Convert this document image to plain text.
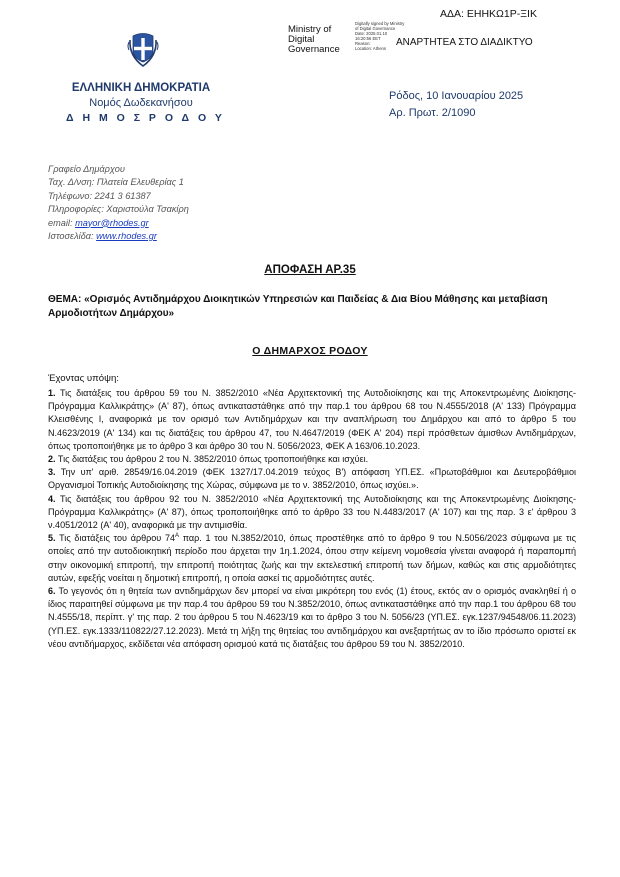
ΑΔΑ: ΕΗΗΚΩ1Ρ-ΞΙΚ
Ministry of
Digital
Governance
Digitally signed by Ministry
of Digital Governance
Date: 2025.01.10
16:20:56 EET
Reason:
Location: Athens
ΑΝΑΡΤΗΤΕΑ ΣΤΟ ΔΙΑΔΙΚΤΥΟ
ΕΛΛΗΝΙΚΗ ΔΗΜΟΚΡΑΤΙΑ
Νομός Δωδεκανήσου
Δ Η Μ Ο Σ Ρ Ο Δ Ο Υ
Ρόδος, 10 Ιανουαρίου 2025
Αρ. Πρωτ. 2/1090
Γραφείο Δημάρχου
Ταχ. Δ/νση: Πλατεία Ελευθερίας 1
Τηλέφωνο: 2241 3 61387
Πληροφορίες: Χαριστούλα Τσακίρη
email: mayor@rhodes.gr
Ιστοσελίδα: www.rhodes.gr
ΑΠΟΦΑΣΗ ΑΡ.35
ΘΕΜΑ: «Ορισμός Αντιδημάρχου Διοικητικών Υπηρεσιών και Παιδείας & Δια Βίου Μάθησης και μεταβίαση Αρμοδιοτήτων Δημάρχου»
Ο ΔΗΜΑΡΧΟΣ ΡΟΔΟΥ
Έχοντας υπόψη:

1. Τις διατάξεις του άρθρου 59 του Ν. 3852/2010 «Νέα Αρχιτεκτονική της Αυτοδιοίκησης και της Αποκεντρωμένης Διοίκησης- Πρόγραμμα Καλλικράτης» (Α' 87), όπως αντικαταστάθηκε από την παρ.1 του άρθρου 68 του Ν.4555/2018 (Α' 133) Πρόγραμμα Κλεισθένης Ι, αναφορικά με τον ορισμό των Αντιδημάρχων και την αναπλήρωση του Δημάρχου και από το άρθρο 5 του Ν.4623/2019 (Α' 134) και τις διατάξεις του άρθρου 47, του Ν.4647/2019 (ΦΕΚ Α' 204) περί πρόσθετων άμισθων Αντιδημάρχων, όπως τροποποιήθηκε με το άρθρο 3 και άρθρο 30 του Ν. 5056/2023, ΦΕΚ Α 163/06.10.2023.

2. Τις διατάξεις του άρθρου 2 του Ν. 3852/2010 όπως τροποποιήθηκε και ισχύει.

3. Την υπ' αριθ. 28549/16.04.2019 (ΦΕΚ 1327/17.04.2019 τεύχος Β') απόφαση ΥΠ.ΕΣ. «Πρωτοβάθμιοι και Δευτεροβάθμιοι Οργανισμοί Τοπικής Αυτοδιοίκησης της Χώρας, σύμφωνα με το ν. 3852/2010, όπως ισχύει.».

4. Τις διατάξεις του άρθρου 92 του Ν. 3852/2010 «Νέα Αρχιτεκτονική της Αυτοδιοίκησης και της Αποκεντρωμένης Διοίκησης- Πρόγραμμα Καλλικράτης» (Α' 87), όπως τροποποιήθηκε από το άρθρο 33 του Ν.4483/2017 (Α' 107) και της παρ. 3 ε' άρθρου 3 ν.4051/2012 (Α' 40), αναφορικά με την αντιμισθία.

5. Τις διατάξεις του άρθρου $74^A$ παρ. 1 του Ν.3852/2010, όπως προστέθηκε από το άρθρο 9 του Ν.5056/2023 σύμφωνα με τις οποίες από την αυτοδιοικητική περίοδο που άρχεται την 1η.1.2024, όπου στην κείμενη νομοθεσία γίνεται αναφορά ή παραπομπή στην οικονομική επιτροπή, την επιτροπή ποιότητας ζωής και την εκτελεστική επιτροπή των δήμων, καθώς και στις αρμοδιότητες αυτών, εφεξής νοείται η δημοτική επιτροπή, η οποία ασκεί τις αρμοδιότητες αυτές.

6. Το γεγονός ότι η θητεία των αντιδημάρχων δεν μπορεί να είναι μικρότερη του ενός (1) έτους, εκτός αν ο ορισμός ανακληθεί ή ο ίδιος παραιτηθεί σύμφωνα με την παρ.4 του άρθρου 59 του Ν.3852/2010, όπως αντικαταστάθηκε από την παρ.1 του άρθρου 68 του Ν.4555/18, περίπτ. γ' της παρ. 2 του άρθρου 5 του Ν.4623/19 και το άρθρο 3 του Ν. 5056/23 (ΥΠ.ΕΣ. εγκ.1237/94548/06.11.2023) (ΥΠ.ΕΣ. εγκ.1333/110822/27.12.2023). Μετά τη λήξη της θητείας του αντιδημάρχου και ανεξαρτήτως αν το ίδιο πρόσωπο οριστεί εκ νέου αντιδήμαρχος, εκδίδεται νέα απόφαση ορισμού κατά τις διατάξεις του άρθρου 59 του Ν. 3852/2010.
